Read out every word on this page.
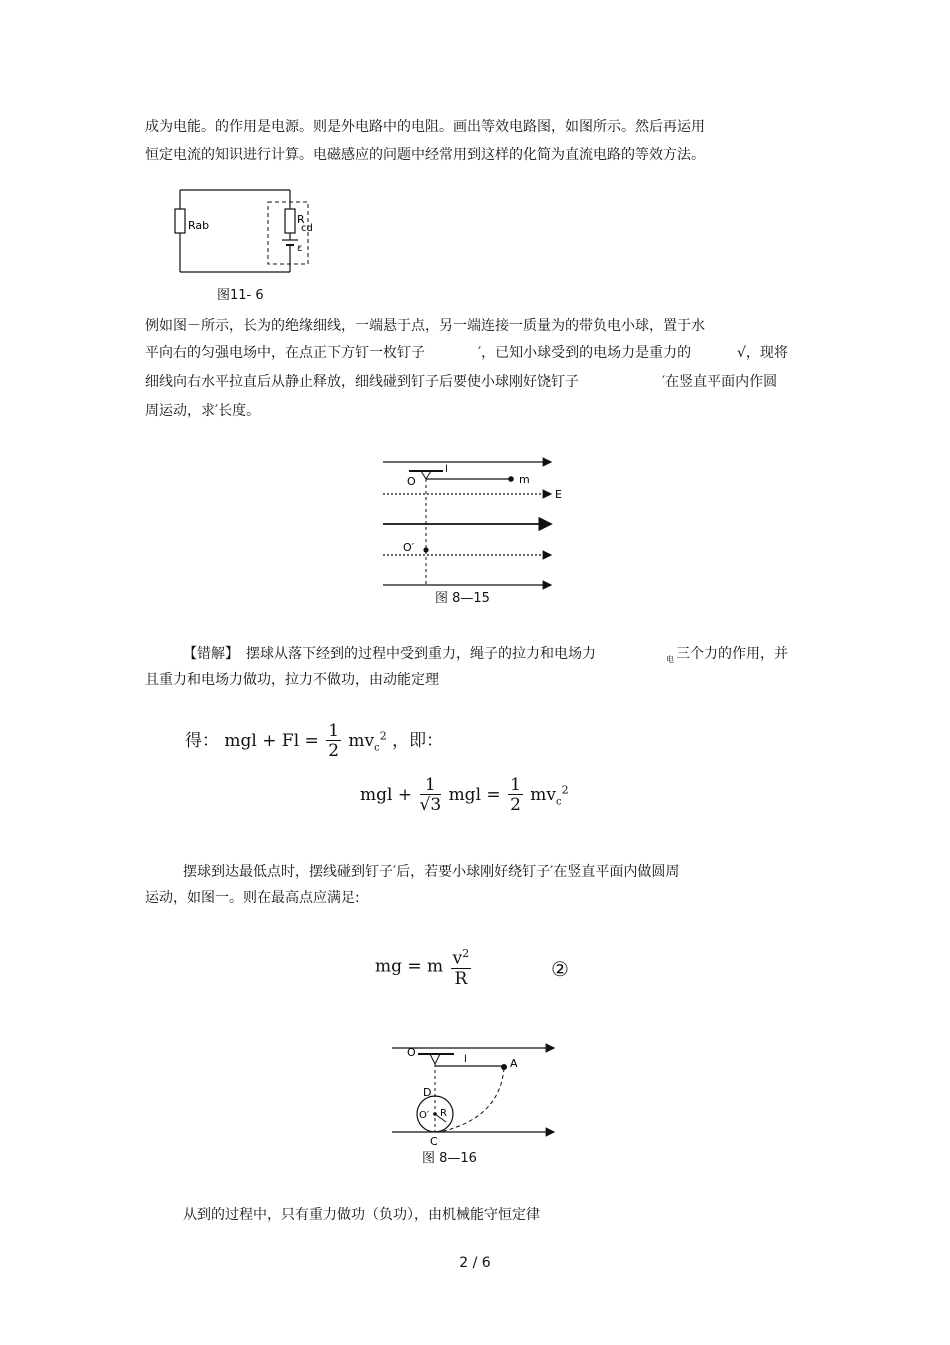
成为电能。的作用是电源。则是外电路中的电阻。画出等效电路图，如图所示。然后再运用
恒定电流的知识进行计算。电磁感应的问题中经常用到这样的化简为直流电路的等效方法。
Rab	R
cd
ε
图11- 6
例如图－所示，长为的绝缘细线，一端悬于点，另一端连接一质量为的带负电小球，置于水
平向右的匀强电场中，在点正下方钉一枚钉子	′，已知小球受到的电场力是重力的	√，现将
细线向右水平拉直后从静止释放，细线碰到钉子后要使小球刚好饶钉子	′在竖直平面内作圆
周运动，求′长度。
O
l
m
E
O′
图 8—15
【错解】 摆球从落下经到的过程中受到重力，绳子的拉力和电场力	电 三个力的作用，并
且重力和电场力做功，拉力不做功，由动能定理
得： mgl + $Fl = \frac{1}{2} mv_c^2$ ，即：
mgl + $\frac{1}{√3}$ mgl = $\frac{1}{2} mv_c^2$
摆球到达最低点时，摆线碰到钉子′后，若要小球刚好绕钉子′在竖直平面内做圆周
运动，如图一。则在最高点应满足:
mg = m $\frac{v^2}{R}$	②
O
l	A
D
O′ R
C
图 8—16
从到的过程中，只有重力做功（负功），由机械能守恒定律
2 / 6
